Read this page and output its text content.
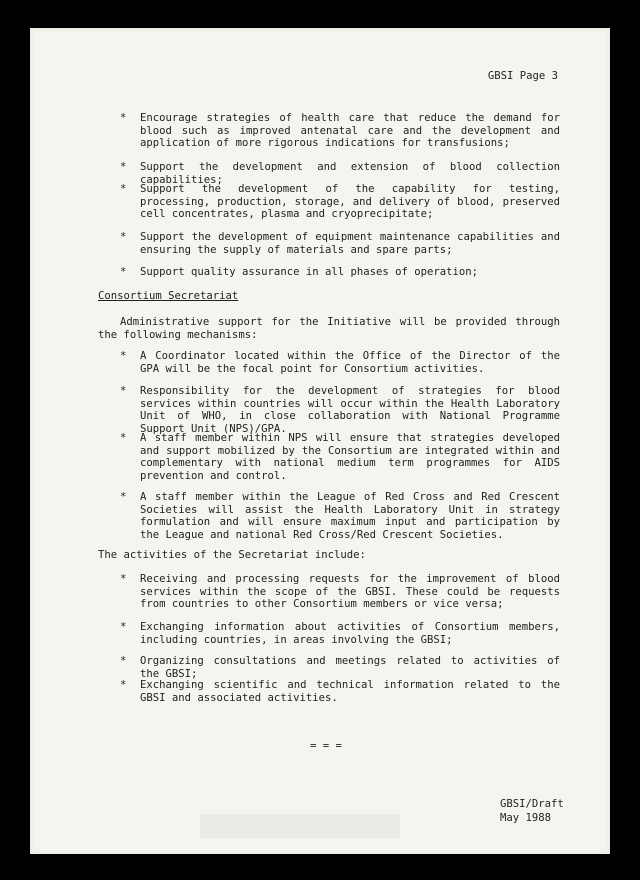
GBSI Page 3
* Encourage strategies of health care that reduce the demand for blood such as improved antenatal care and the development and application of more rigorous indications for transfusions;
* Support the development and extension of blood collection capabilities;
* Support the development of the capability for testing, processing, production, storage, and delivery of blood, preserved cell concentrates, plasma and cryoprecipitate;
* Support the development of equipment maintenance capabilities and ensuring the supply of materials and spare parts;
* Support quality assurance in all phases of operation;
Consortium Secretariat
Administrative support for the Initiative will be provided through the following mechanisms:
* A Coordinator located within the Office of the Director of the GPA will be the focal point for Consortium activities.
* Responsibility for the development of strategies for blood services within countries will occur within the Health Laboratory Unit of WHO, in close collaboration with National Programme Support Unit (NPS)/GPA.
* A staff member within NPS will ensure that strategies developed and support mobilized by the Consortium are integrated within and complementary with national medium term programmes for AIDS prevention and control.
* A staff member within the League of Red Cross and Red Crescent Societies will assist the Health Laboratory Unit in strategy formulation and will ensure maximum input and participation by the League and national Red Cross/Red Crescent Societies.
The activities of the Secretariat include:
* Receiving and processing requests for the improvement of blood services within the scope of the GBSI. These could be requests from countries to other Consortium members or vice versa;
* Exchanging information about activities of Consortium members, including countries, in areas involving the GBSI;
* Organizing consultations and meetings related to activities of the GBSI;
* Exchanging scientific and technical information related to the GBSI and associated activities.
= = =
GBSI/Draft
May 1988
